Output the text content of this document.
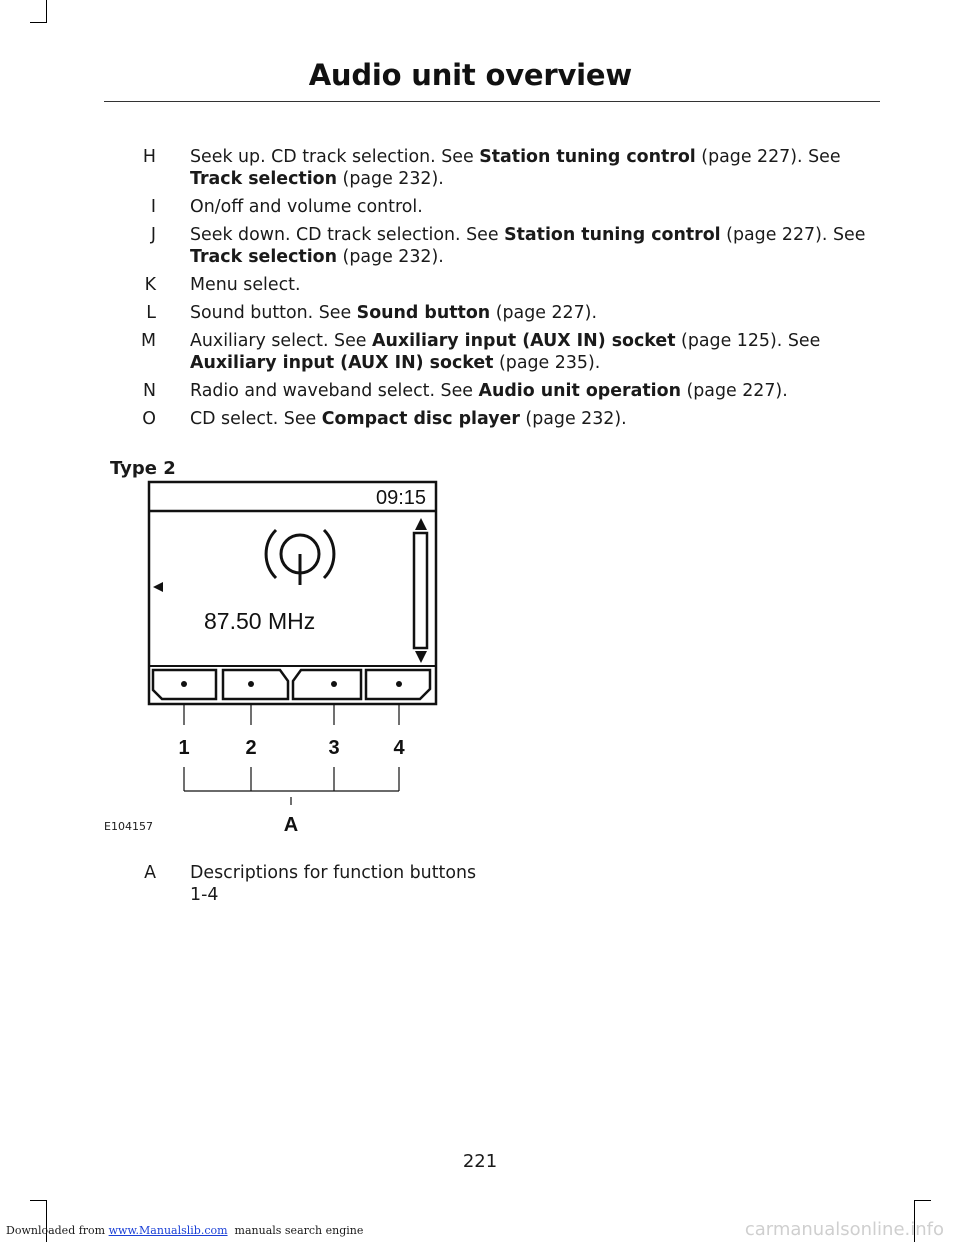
Audio unit overview
H Seek up. CD track selection. See Station tuning control (page 227). See Track selection (page 232).
I On/off and volume control.
J Seek down. CD track selection. See Station tuning control (page 227). See Track selection (page 232).
K Menu select.
L Sound button. See Sound button (page 227).
M Auxiliary select. See Auxiliary input (AUX IN) socket (page 125). See Auxiliary input (AUX IN) socket (page 235).
N Radio and waveband select. See Audio unit operation (page 227).
O CD select. See Compact disc player (page 232).
Type 2
09:15
87.50 MHz
1	2	3	4
A
E104157
A Descriptions for function buttons 1-4
221
Downloaded from www.Manualslib.com  manuals search engine	carmanualsonline.info
